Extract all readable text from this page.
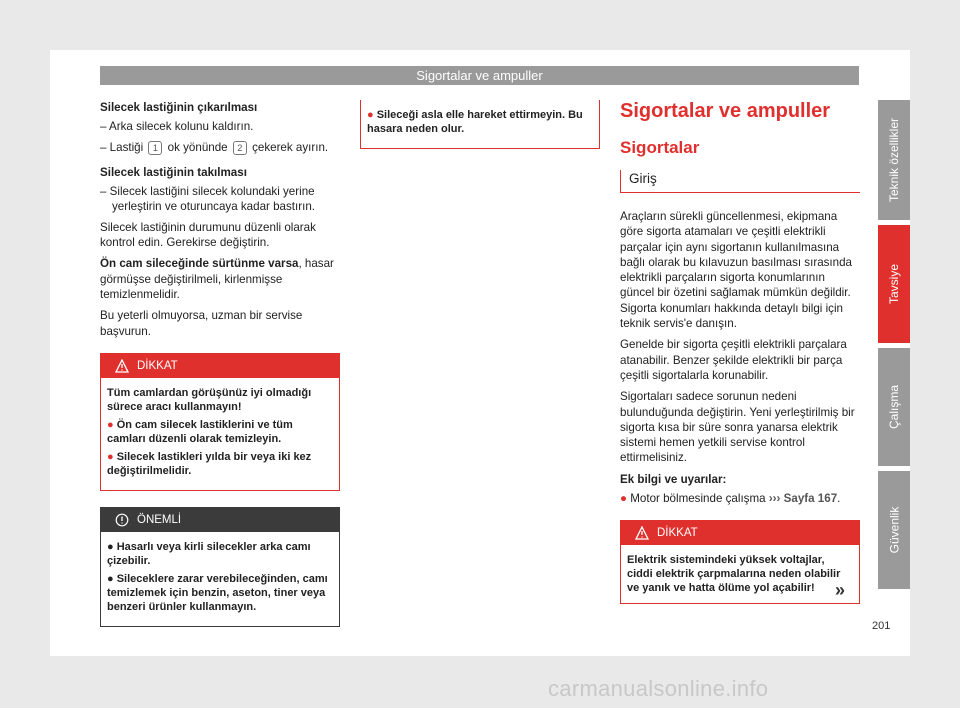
Sigortalar ve ampuller

Silecek lastiğinin çıkarılması

– Arka silecek kolunu kaldırın.

– Lastiği 1 ok yönünde 2 çekerek ayırın.

Silecek lastiğinin takılması

– Silecek lastiğini silecek kolundaki yerine yerleştirin ve oturuncaya kadar bastırın.

Silecek lastiğinin durumunu düzenli olarak kontrol edin. Gerekirse değiştirin.

Ön cam sileceğinde sürtünme varsa, hasar görmüşse değiştirilmeli, kirlenmişse temizlenmelidir.

Bu yeterli olmuyorsa, uzman bir servise başvurun.

DİKKAT

Tüm camlardan görüşünüz iyi olmadığı sürece aracı kullanmayın!

● Ön cam silecek lastiklerini ve tüm camları düzenli olarak temizleyin.

● Silecek lastikleri yılda bir veya iki kez değiştirilmelidir.

ÖNEMLİ

● Hasarlı veya kirli silecekler arka camı çizebilir.

● Sileceklere zarar verebileceğinden, camı temizlemek için benzin, aseton, tiner veya benzeri ürünler kullanmayın.

● Sileceği asla elle hareket ettirmeyin. Bu hasara neden olur.

Sigortalar ve ampuller
Sigortalar
Giriş

Araçların sürekli güncellenmesi, ekipmana göre sigorta atamaları ve çeşitli elektrikli parçalar için aynı sigortanın kullanılmasına bağlı olarak bu kılavuzun basılması sırasında elektrikli parçaların sigorta konumlarının güncel bir özetini sağlamak mümkün değildir. Sigorta konumları hakkında detaylı bilgi için teknik servis'e danışın.

Genelde bir sigorta çeşitli elektrikli parçalara atanabilir. Benzer şekilde elektrikli bir parça çeşitli sigortalarla korunabilir.

Sigortaları sadece sorunun nedeni bulunduğunda değiştirin. Yeni yerleştirilmiş bir sigorta kısa bir süre sonra yanarsa elektrik sistemi hemen yetkili servise kontrol ettirmelisiniz.

Ek bilgi ve uyarılar:

● Motor bölmesinde çalışma ››› Sayfa 167.

DİKKAT
Elektrik sistemindeki yüksek voltajlar, ciddi elektrik çarpmalarına neden olabilir ve yanık ve hatta ölüme yol açabilir!	»
Teknik özellikler
Tavsiye
Çalışma
Güvenlik
201
carmanualsonline.info
